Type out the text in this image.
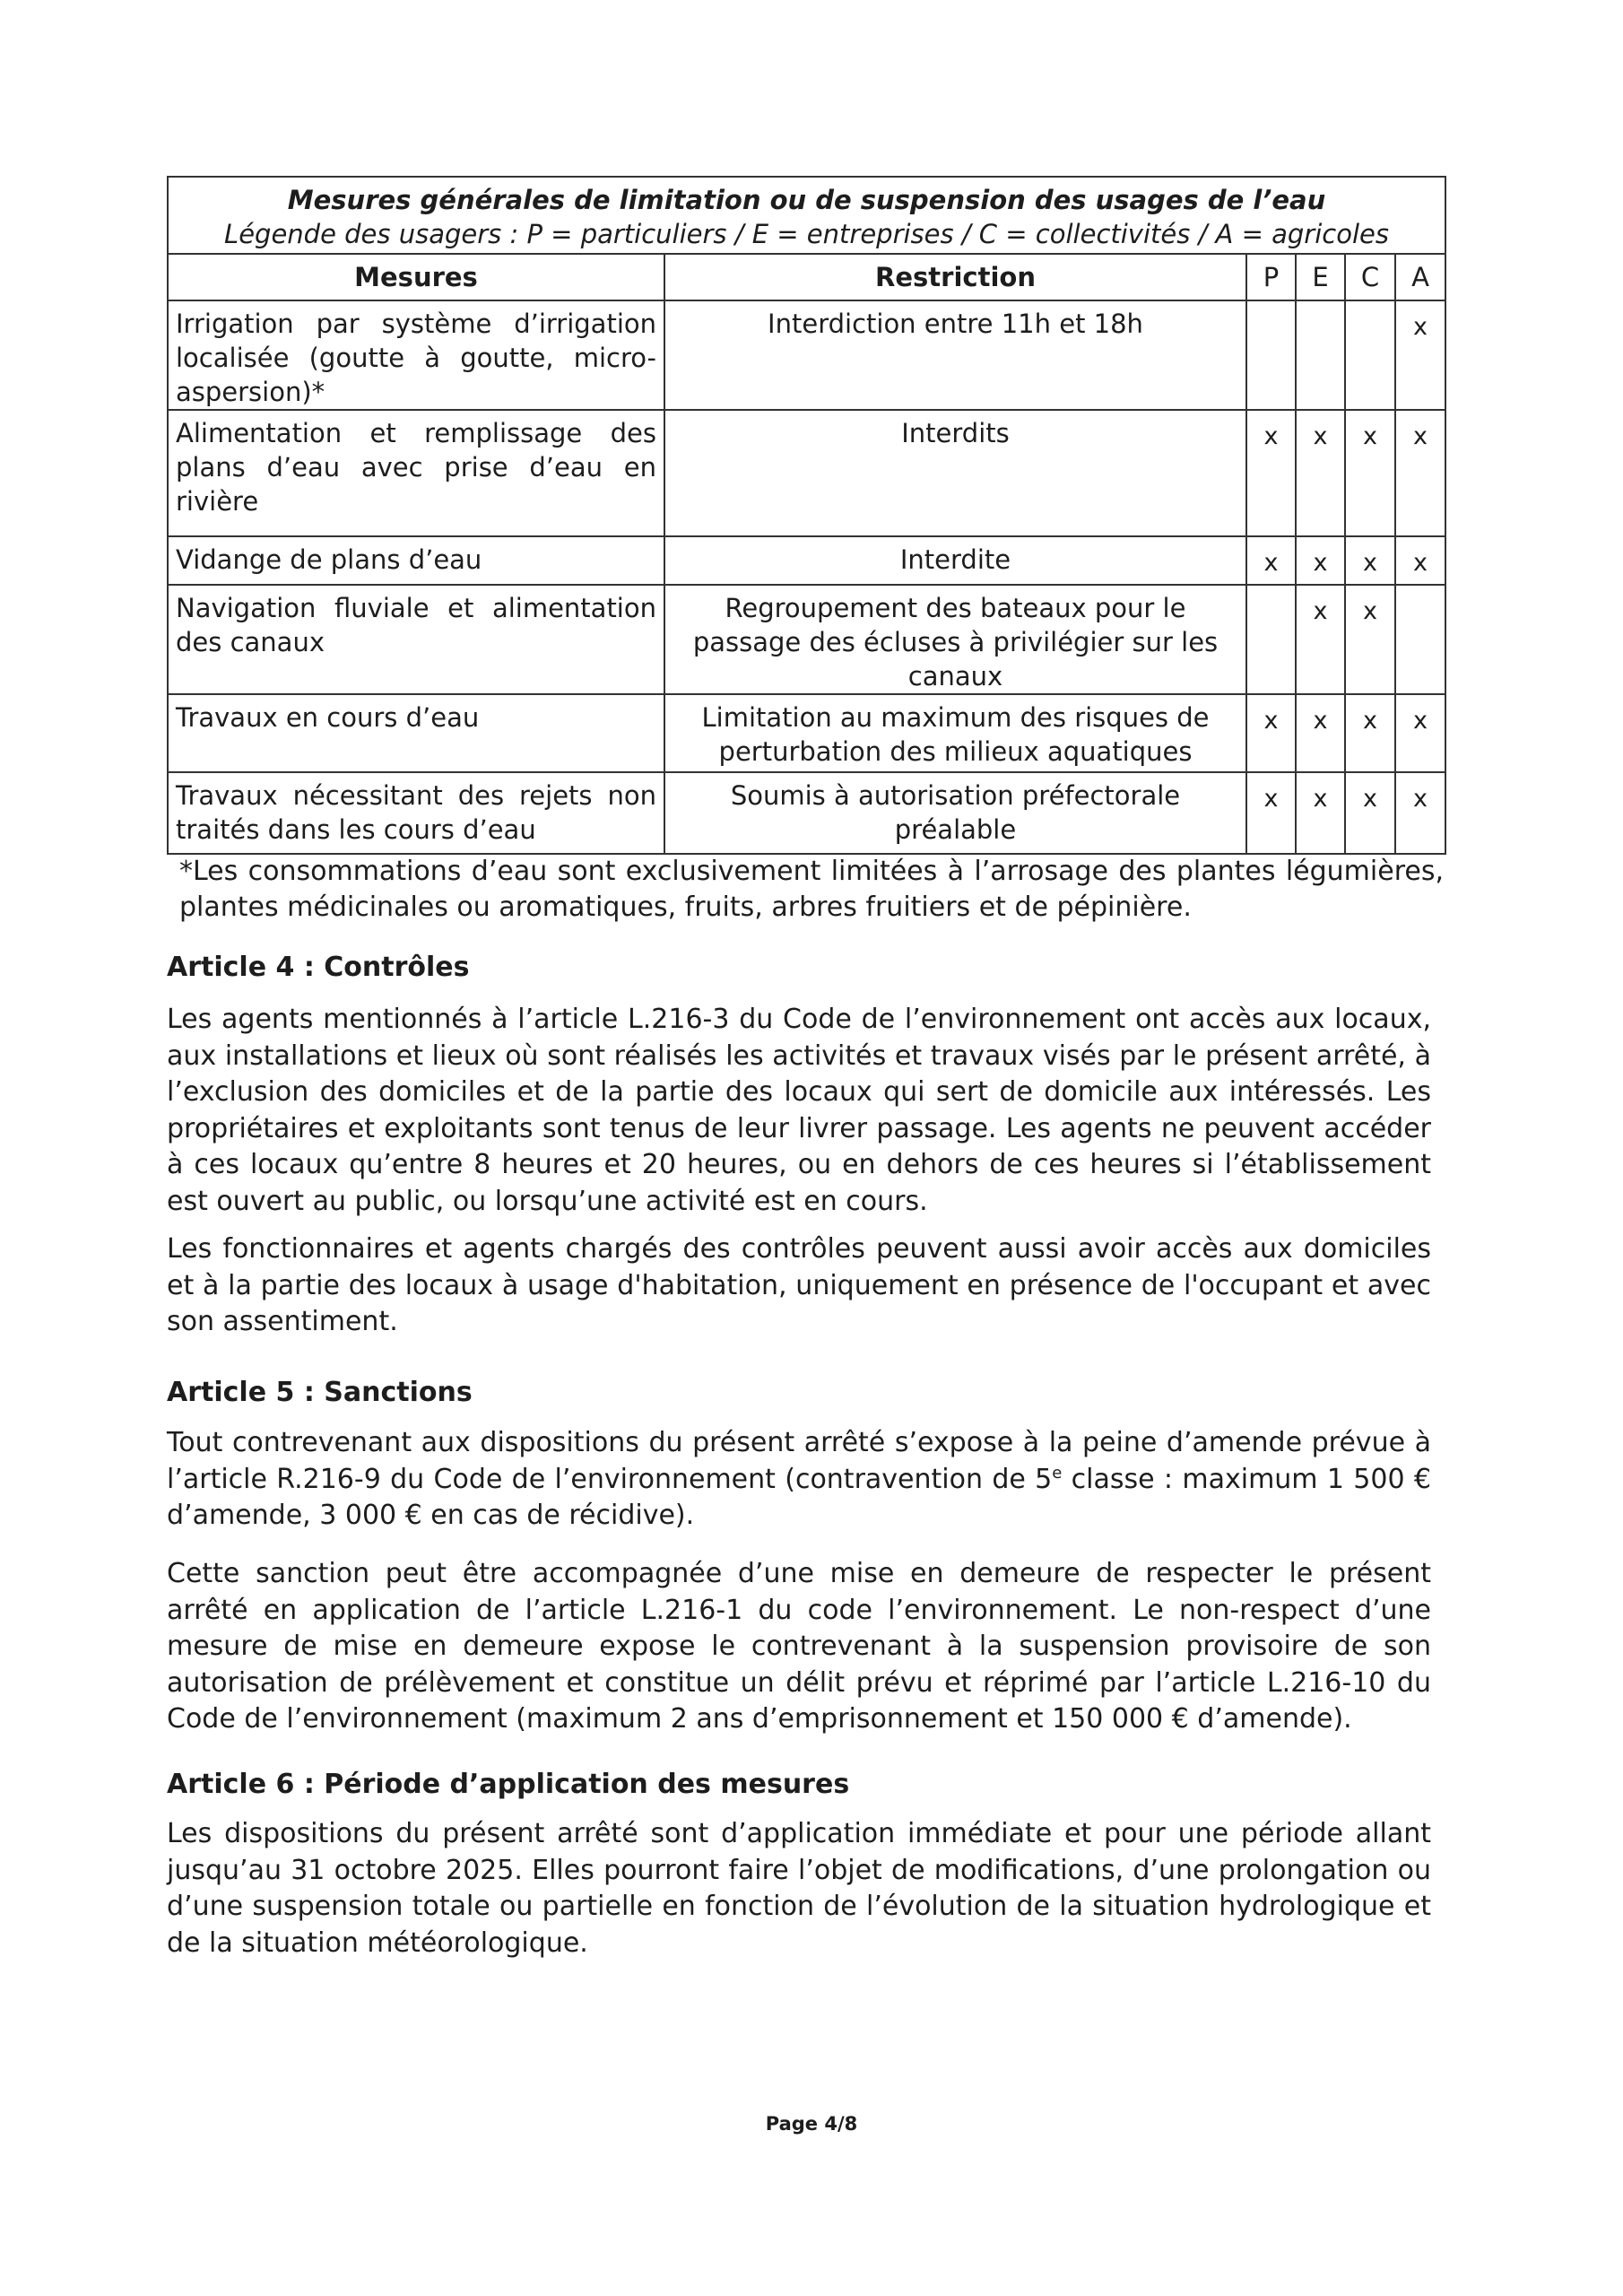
Mesures générales de limitation ou de suspension des usages de l’eau
Légende des usagers : P = particuliers / E = entreprises / C = collectivités / A = agricoles					

Mesures	Restriction	P	E	C	A
Irrigation par système d’irrigation localisée (goutte à goutte, micro-aspersion)*	Interdiction entre 11h et 18h				x
Alimentation et remplissage des plans d’eau avec prise d’eau en rivière	Interdits	x	x	x	x
Vidange de plans d’eau	Interdite	x	x	x	x
Navigation fluviale et alimentation des canaux	Regroupement des bateaux pour le passage des écluses à privilégier sur les canaux		x	x	
Travaux en cours d’eau	Limitation au maximum des risques de perturbation des milieux aquatiques	x	x	x	x
Travaux nécessitant des rejets non traités dans les cours d’eau	Soumis à autorisation préfectorale préalable	x	x	x	x
*Les consommations d’eau sont exclusivement limitées à l’arrosage des plantes légumières, plantes médicinales ou aromatiques, fruits, arbres fruitiers et de pépinière.
Article 4 : Contrôles
Les agents mentionnés à l’article L.216-3 du Code de l’environnement ont accès aux locaux, aux installations et lieux où sont réalisés les activités et travaux visés par le présent arrêté, à l’exclusion des domiciles et de la partie des locaux qui sert de domicile aux intéressés. Les propriétaires et exploitants sont tenus de leur livrer passage. Les agents ne peuvent accéder à ces locaux qu’entre 8 heures et 20 heures, ou en dehors de ces heures si l’établissement est ouvert au public, ou lorsqu’une activité est en cours.
Les fonctionnaires et agents chargés des contrôles peuvent aussi avoir accès aux domiciles et à la partie des locaux à usage d'habitation, uniquement en présence de l'occupant et avec son assentiment.
Article 5 : Sanctions
Tout contrevenant aux dispositions du présent arrêté s’expose à la peine d’amende prévue à l’article R.216-9 du Code de l’environnement (contravention de 5e classe : maximum 1 500 € d’amende, 3 000 € en cas de récidive).
Cette sanction peut être accompagnée d’une mise en demeure de respecter le présent arrêté en application de l’article L.216-1 du code l’environnement. Le non-respect d’une mesure de mise en demeure expose le contrevenant à la suspension provisoire de son autorisation de prélèvement et constitue un délit prévu et réprimé par l’article L.216-10 du Code de l’environnement (maximum 2 ans d’emprisonnement et 150 000 € d’amende).
Article 6 : Période d’application des mesures
Les dispositions du présent arrêté sont d’application immédiate et pour une période allant jusqu’au 31 octobre 2025. Elles pourront faire l’objet de modifications, d’une prolongation ou d’une suspension totale ou partielle en fonction de l’évolution de la situation hydrologique et de la situation météorologique.
Page 4/8
